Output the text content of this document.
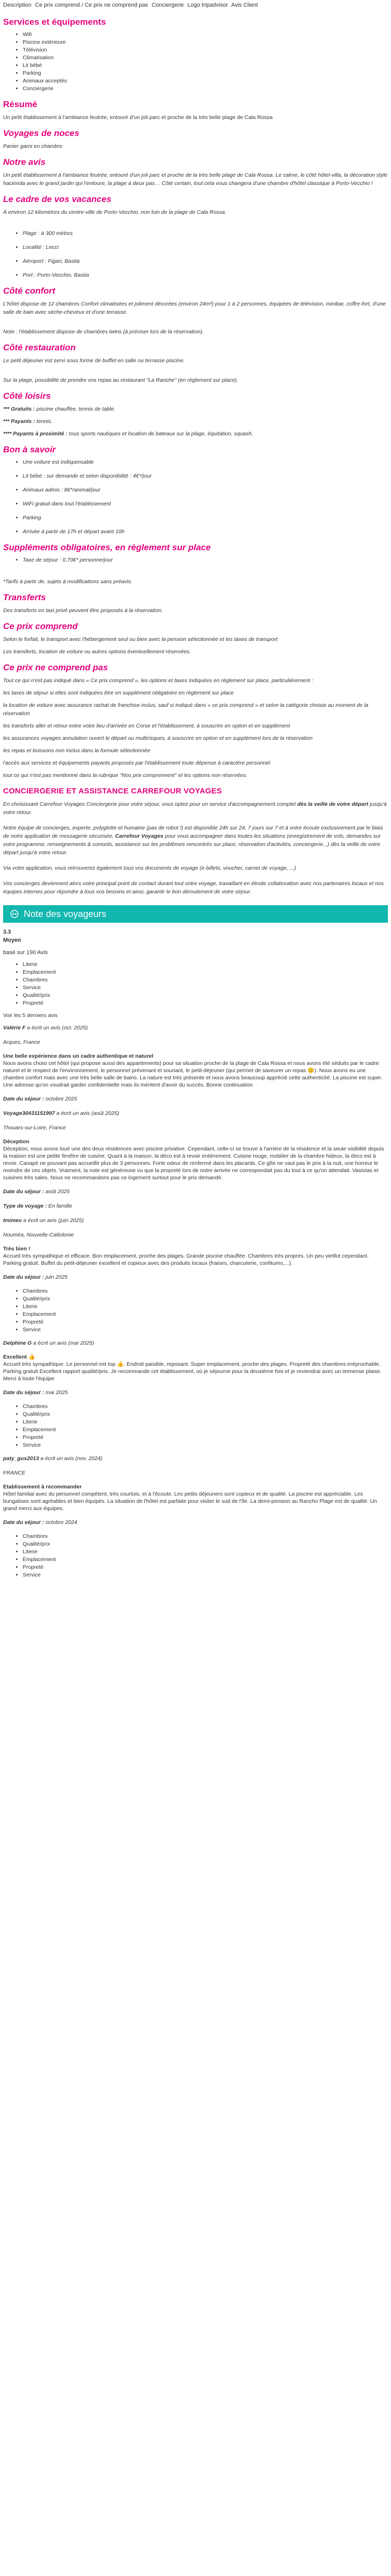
Description Ce prix comprend / Ce prix ne comprend pas Conciergerie Logo tripadvisor Avis Client
Services et équipements
• Wifi
• Piscine extérieure
• Télévision
• Climatisation
• Lit bébé
• Parking
• Animaux acceptés
• Conciergerie
Résumé

Un petit établissement à l'ambiance feutrée, entouré d'un joli parc et proche de la très belle plage de Cala Rossa

Voyages de noces

Panier garni en chambre

Notre avis

Un petit établissement à l'ambiance feutrée, entouré d'un joli parc et proche de la très belle plage de Cala Rossa. Le calme, le côté hôtel-villa, la décoration style hacienda avec le grand jardin qui l'entoure, la plage à deux pas… Côté certain, tout cela vous changera d'une chambre d'hôtel classique à Porto-Vecchio !

Le cadre de vos vacances

À environ 12 kilomètres du centre-ville de Porto-Vecchio, non loin de la plage de Cala Rossa.

• Plage : à 300 mètres
• Localité : Lecci
• Aéroport : Figari, Bastia
• Port : Porto-Vecchio, Bastia
Côté confort

L'hôtel dispose de 12 chambres Confort climatisées et joliment décorées (environ 24m²) pour 1 à 2 personnes, équipées de télévision, minibar, coffre-fort, d'une salle de bain avec sèche-cheveux et d'une terrasse.

Note : l'établissement dispose de chambres twins (à préciser lors de la réservation).

Côté restauration

Le petit déjeuner est servi sous forme de buffet en salle ou terrasse piscine.

Sur la plage, possibilité de prendre vos repas au restaurant "La Ranche" (en règlement sur place).

Côté loisirs

*** Gratuits : piscine chauffée, tennis de table.

*** Payants : tennis.

**** Payants à proximité : tous sports nautiques et location de bateaux sur la plage, équitation, squash.

Bon à savoir
• Une voiture est indispensable
• Lit bébé : sur demande et selon disponibilité : 4€*/jour
• Animaux admis : 8€*/animal/jour
• WiFi gratuit dans tout l'établissement
• Parking
• Arrivée à partir de 17h et départ avant 10h
Suppléments obligatoires, en règlement sur place
• Taxe de séjour : 0,70€* personne/jour

*Tarifs à partir de, sujets à modifications sans préavis.

Transferts

Des transferts en taxi privé peuvent être proposés à la réservation.

Ce prix comprend

Selon le forfait, le transport avec l'hébergement seul ou bien avec la pension sélectionnée et les taxes de transport

Les transferts, location de voiture ou autres options éventuellement réservées.

Ce prix ne comprend pas

Tout ce qui n'est pas indiqué dans « Ce prix comprend », les options et taxes indiquées en règlement sur place, particulièrement :

les taxes de séjour si elles sont indiquées être en supplément obligatoire en règlement sur place

la location de voiture avec assurance rachat de franchise inclus, sauf si indiqué dans « ce prix comprend » et selon la catégorie choisie au moment de la réservation

les transferts aller et retour entre votre lieu d'arrivée en Corse et l'établissement, à souscrire en option et en supplément

les assurances voyages annulation ouvert le départ ou multirisques, à souscrire en option et en supplément lors de la réservation

les repas et boissons non inclus dans la formule sélectionnée

l'accès aux services et équipements payants proposés par l'établissement toute dépense à caractère personnel

tout ce qui n'est pas mentionné dans la rubrique "Nos prix comprennent" et les options non réservées.

CONCIERGERIE ET ASSISTANCE CARREFOUR VOYAGES

En choisissant Carrefour Voyages Conciergerie pour votre séjour, vous optez pour un service d'accompagnement complet dès la veille de votre départ jusqu'à votre retour.

Notre équipe de concierges, experte, polyglotte et humaine (pas de robot !) est disponible 24h sur 24, 7 jours sur 7 et à votre écoute exclusivement par le biais de notre application de messagerie sécurisée, Carrefour Voyages pour vous accompagner dans toutes les situations (enregistrement de vols, demandes sur votre programme, renseignements & conseils, assistance sur les problèmes rencontrés sur place, réservation d'activités, conciergerie...) dès la veille de votre départ jusqu'à votre retour.

Via votre application, vous retrouverez également tous vos documents de voyage (e-billets, voucher, carnet de voyage, ...)

Vos concierges deviennent alors votre principal point de contact durant tout votre voyage, travaillant en étroite collaboration avec nos partenaires locaux et nos équipes internes pour répondre à tous vos besoins et ainsi, garantir le bon déroulement de votre séjour.

Note des voyageurs
3.3
Moyen
basé sur 190 Avis
• Literie
• Emplacement
• Chambres
• Service
• Qualité/prix
• Propreté

Voir les 5 derniers avis

Valérie F a écrit un avis (oct. 2025)
Arques, France
Une belle expérience dans un cadre authentique et naturel
Nous avons choisi cet hôtel (qui propose aussi des appartements) pour sa situation proche de la plage de Cala Rossa et nous avons été séduits par le cadre naturel et le respect de l'environnement, le personnel prévenant et souriant, le petit-déjeuner (qui permet de saveurer un repas 😊). Nous avons eu une chambre confort mais avec une très belle salle de bains. La nature est très présente et nous avons beaucoup apprécié cette authenticité. La piscine est super. Une adresse qu'on voudrait garder confidentielle mais ils méritent d'avoir du succès. Bonne continuation
Date du séjour : octobre 2025
Voyage30431151997 a écrit un avis (août 2025)
Thouars-sur-Loire, France
Déception
Déception, nous avons loué une des deux résidences avec piscine privative. Cependant, celle-ci se trouve à l'arrière de la résidence et la seule visibilité depuis la maison est une petite fenêtre de cuisine. Quant à la maison, la déco est à revoir entièrement. Cuisine rouge, mobilier de la chambre hideux, la déco est à revoir. Canapé ne pouvant pas accueillir plus de 3 personnes. Forte odeur de renfermé dans les placards. Ce gîte ne vaut pas le prix à la nuit, une horreur le moindre de ces objets. Vraiment, la note est généreuse vu que la propreté lors de notre arrivée ne correspondait pas du tout à ce qu'on attendait. Vasistas et cuisines très sales. Nous ne recommandons pas ce logement surtout pour le prix demandé.
Date du séjour : août 2025
Type de voyage : En famille
Imimev a écrit un avis (juin 2025)
Nouméa, Nouvelle-Calédonie
Très bien !
Accueil très sympathique et efficace. Bon emplacement, proche des plages. Grande piscine chauffée. Chambres très propres. Un peu vieillot cependant. Parking gratuit. Buffet du petit-déjeuner excellent et copieux avec des produits locaux (fraises, charcuterie, confitures,...).
Date du séjour : juin 2025
• Chambres
• Qualité/prix
• Literie
• Emplacement
• Propreté
• Service
Delphine G a écrit un avis (mai 2025)
Excellent 👍
Accueil très sympathique. Le personnel est top 👍. Endroit paisible, reposant. Super emplacement, proche des plages. Propreté des chambres irréprochable. Parking gratuit Excellent rapport qualité/prix. Je recommande cet établissement, où je séjourne pour la deuxième fois et je reviendrai avec un immense plaisir. Merci à toute l'équipe
Date du séjour : mai 2025
• Chambres
• Qualité/prix
• Literie
• Emplacement
• Propreté
• Service
paty_gus2013 a écrit un avis (nov. 2024)
FRANCE
Etablissement à recommander
Hôtel familial avec du personnel compétent, très courtois, et à l'écoute. Les petits déjeuners sont copieux et de qualité. La piscine est appréciable. Les bungalows sont agréables et bien équipés. La situation de l'hôtel est parfaite pour visiter le sud de l'île. La demi-pension au Rancho Plage est de qualité. Un grand merci aux équipes.
Date du séjour : octobre 2024
• Chambres
• Qualité/prix
• Literie
• Emplacement
• Propreté
• Service
